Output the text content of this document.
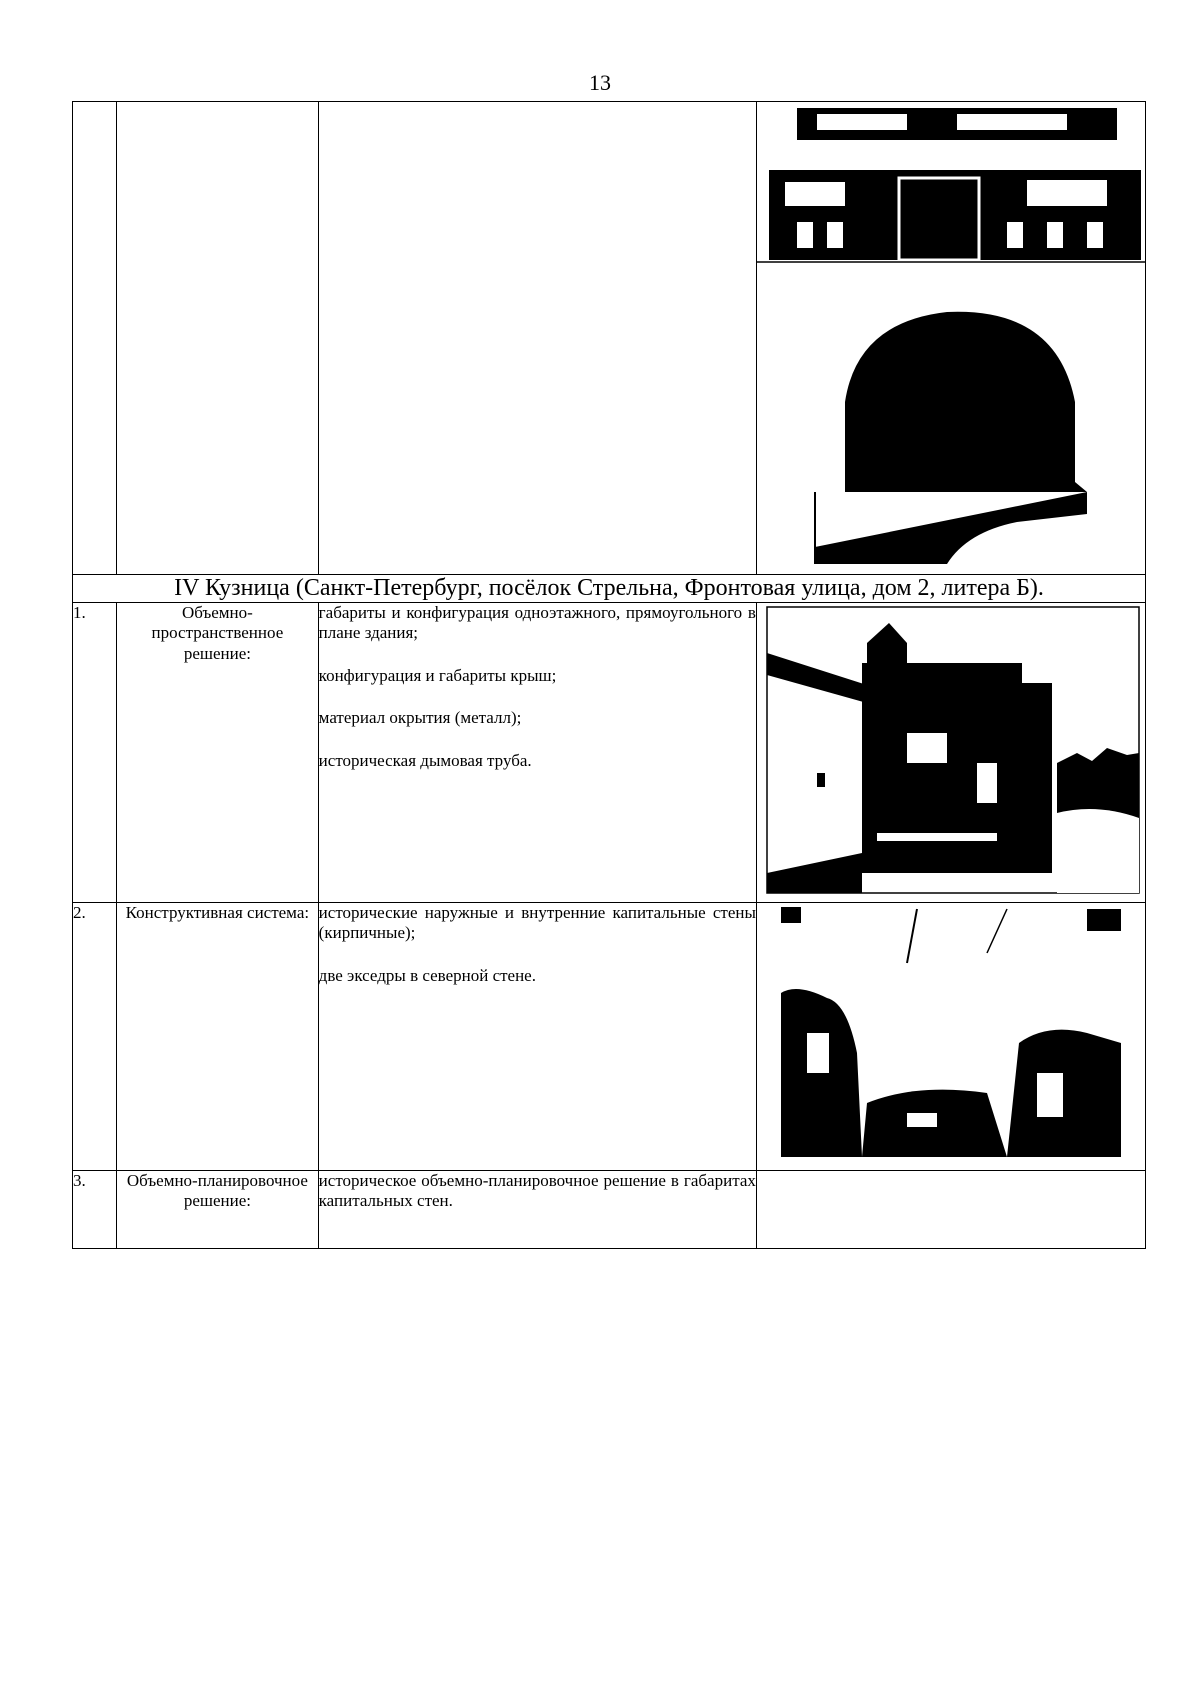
13

IV Кузница (Санкт-Петербург, посёлок Стрельна, Фронтовая улица, дом 2, литера Б).			
1.	Объемно-пространственное решение:	габариты и конфигурация одноэтажного, прямоугольного в плане здания;

конфигурация и габариты крыш;

материал окрытия (металл);

историческая дымовая труба.

2.	Конструктивная система:	исторические наружные и внутренние капитальные стены (кирпичные);

две экседры в северной стене.

3.	Объемно-планировочное решение:	историческое объемно-планировочное решение в габаритах капитальных стен.	
